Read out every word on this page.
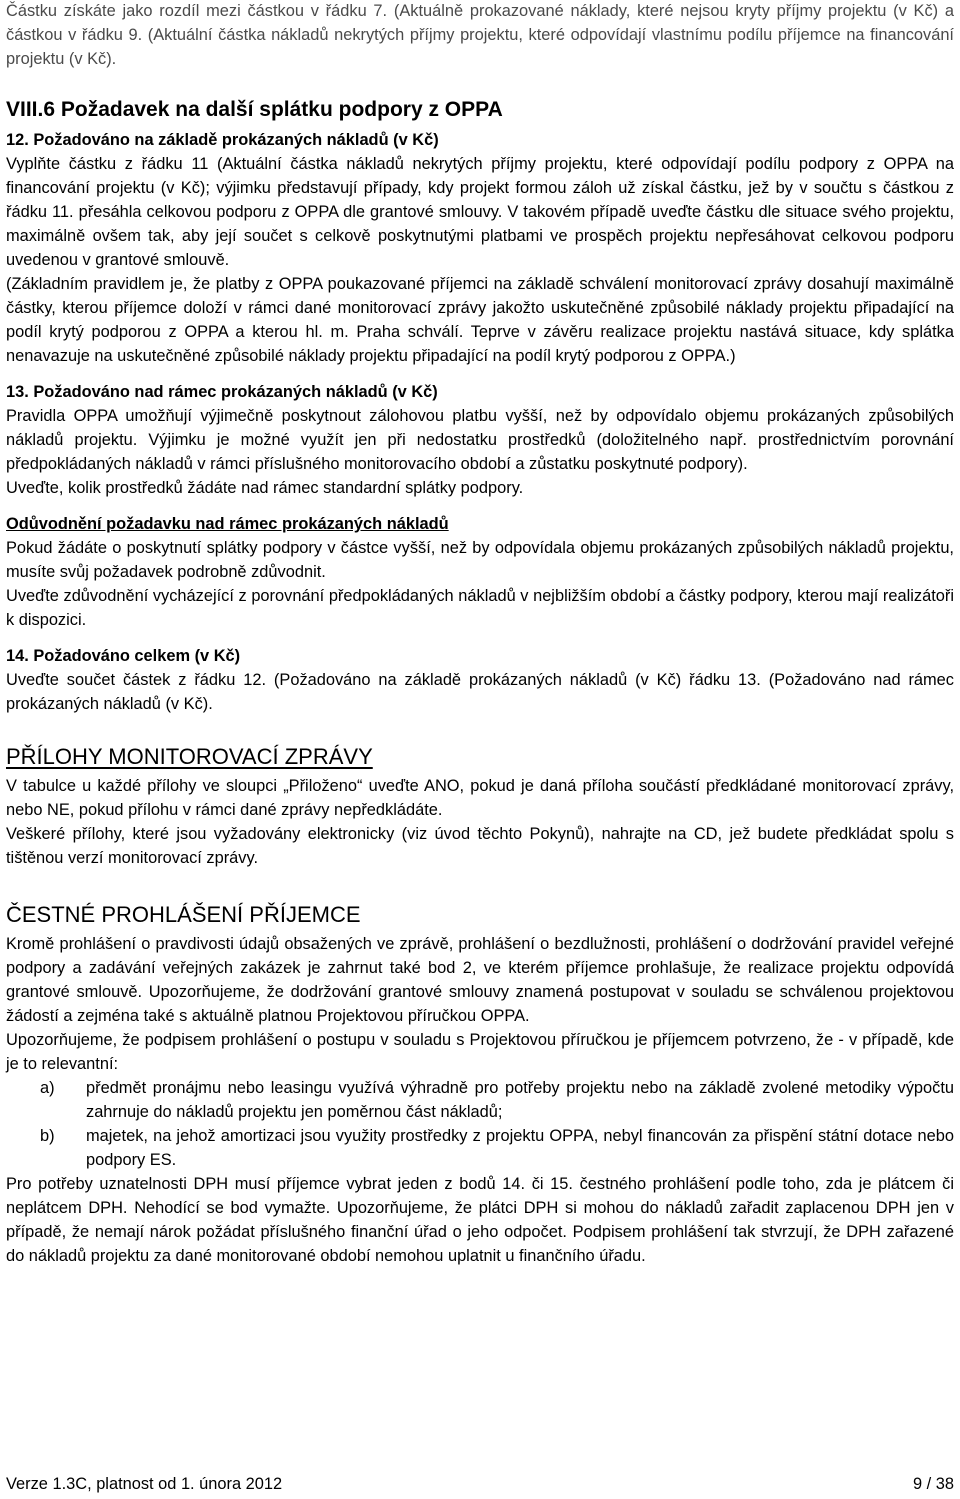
Částku získáte jako rozdíl mezi částkou v řádku 7. (Aktuálně prokazované náklady, které nejsou kryty příjmy projektu (v Kč) a částkou v řádku 9. (Aktuální částka nákladů nekrytých příjmy projektu, které odpovídají vlastnímu podílu příjemce na financování projektu (v Kč).

VIII.6 Požadavek na další splátku podpory z OPPA

12. Požadováno na základě prokázaných nákladů (v Kč)

Vyplňte částku z řádku 11 (Aktuální částka nákladů nekrytých příjmy projektu, které odpovídají podílu podpory z OPPA na financování projektu (v Kč); výjimku představují případy, kdy projekt formou záloh už získal částku, jež by v součtu s částkou z řádku 11. přesáhla celkovou podporu z OPPA dle grantové smlouvy. V takovém případě uveďte částku dle situace svého projektu, maximálně ovšem tak, aby její součet s celkově poskytnutými platbami ve prospěch projektu nepřesáhovat celkovou podporu uvedenou v grantové smlouvě.

(Základním pravidlem je, že platby z OPPA poukazované příjemci na základě schválení monitorovací zprávy dosahují maximálně částky, kterou příjemce doloží v rámci dané monitorovací zprávy jakožto uskutečněné způsobilé náklady projektu připadající na podíl krytý podporou z OPPA a kterou hl. m. Praha schválí. Teprve v závěru realizace projektu nastává situace, kdy splátka nenavazuje na uskutečněné způsobilé náklady projektu připadající na podíl krytý podporou z OPPA.)

13. Požadováno nad rámec prokázaných nákladů (v Kč)

Pravidla OPPA umožňují výjimečně poskytnout zálohovou platbu vyšší, než by odpovídalo objemu prokázaných způsobilých nákladů projektu. Výjimku je možné využít jen při nedostatku prostředků (doložitelného např. prostřednictvím porovnání předpokládaných nákladů v rámci příslušného monitorovacího období a zůstatku poskytnuté podpory).

Uveďte, kolik prostředků žádáte nad rámec standardní splátky podpory.

Odůvodnění požadavku nad rámec prokázaných nákladů

Pokud žádáte o poskytnutí splátky podpory v částce vyšší, než by odpovídala objemu prokázaných způsobilých nákladů projektu, musíte svůj požadavek podrobně zdůvodnit.

Uveďte zdůvodnění vycházející z porovnání předpokládaných nákladů v nejbližším období a částky podpory, kterou mají realizátoři k dispozici.

14. Požadováno celkem (v Kč)

Uveďte součet částek z řádku 12. (Požadováno na základě prokázaných nákladů (v Kč) řádku 13. (Požadováno nad rámec prokázaných nákladů (v Kč).

PŘÍLOHY MONITOROVACÍ ZPRÁVY

V tabulce u každé přílohy ve sloupci „Přiloženo“ uveďte ANO, pokud je daná příloha součástí předkládané monitorovací zprávy, nebo NE, pokud přílohu v rámci dané zprávy nepředkládáte.

Veškeré přílohy, které jsou vyžadovány elektronicky (viz úvod těchto Pokynů), nahrajte na CD, jež budete předkládat spolu s tištěnou verzí monitorovací zprávy.

ČESTNÉ PROHLÁŠENÍ PŘÍJEMCE

Kromě prohlášení o pravdivosti údajů obsažených ve zprávě, prohlášení o bezdlužnosti, prohlášení o dodržování pravidel veřejné podpory a zadávání veřejných zakázek je zahrnut také bod 2, ve kterém příjemce prohlašuje, že realizace projektu odpovídá grantové smlouvě. Upozorňujeme, že dodržování grantové smlouvy znamená postupovat v souladu se schválenou projektovou žádostí a zejména také s aktuálně platnou Projektovou příručkou OPPA.

Upozorňujeme, že podpisem prohlášení o postupu v souladu s Projektovou příručkou je příjemcem potvrzeno, že - v případě, kde je to relevantní:

a) předmět pronájmu nebo leasingu využívá výhradně pro potřeby projektu nebo na základě zvolené metodiky výpočtu zahrnuje do nákladů projektu jen poměrnou část nákladů;
b) majetek, na jehož amortizaci jsou využity prostředky z projektu OPPA, nebyl financován za přispění státní dotace nebo podpory ES.

Pro potřeby uznatelnosti DPH musí příjemce vybrat jeden z bodů 14. či 15. čestného prohlášení podle toho, zda je plátcem či neplátcem DPH. Nehodící se bod vymažte. Upozorňujeme, že plátci DPH si mohou do nákladů zařadit zaplacenou DPH jen v případě, že nemají nárok požádat příslušného finanční úřad o jeho odpočet. Podpisem prohlášení tak stvrzují, že DPH zařazené do nákladů projektu za dané monitorované období nemohou uplatnit u finančního úřadu.

Verze 1.3C, platnost od 1. února 2012	9 / 38
